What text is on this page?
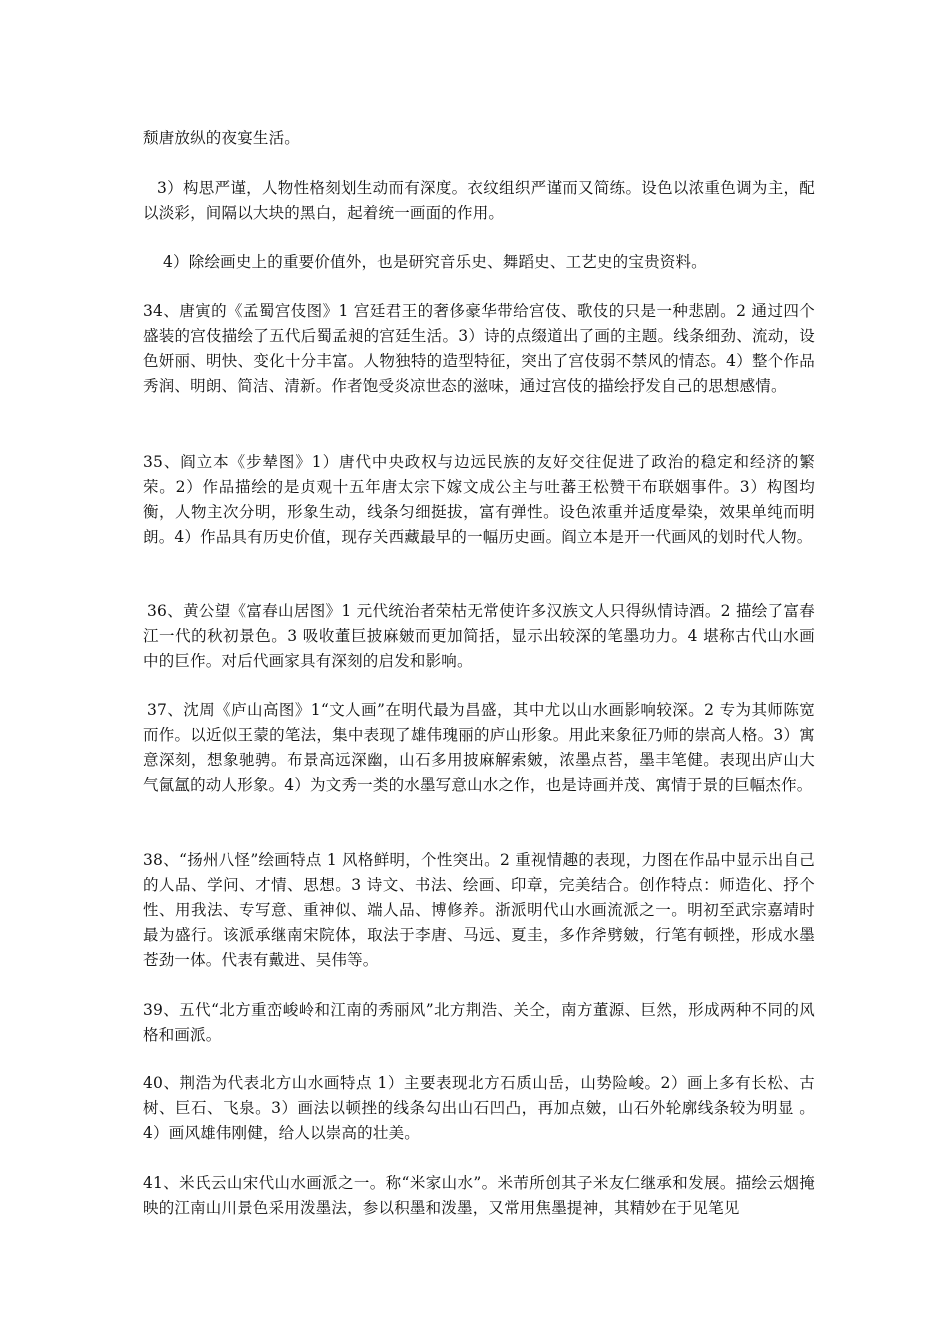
颓唐放纵的夜宴生活。

3）构思严谨，人物性格刻划生动而有深度。衣纹组织严谨而又简练。设色以浓重色调为主，配以淡彩，间隔以大块的黑白，起着统一画面的作用。

4）除绘画史上的重要价值外，也是研究音乐史、舞蹈史、工艺史的宝贵资料。

34、唐寅的《孟蜀宫伎图》1 宫廷君王的奢侈豪华带给宫伎、歌伎的只是一种悲剧。2 通过四个盛装的宫伎描绘了五代后蜀孟昶的宫廷生活。3）诗的点缀道出了画的主题。线条细劲、流动，设色妍丽、明快、变化十分丰富。人物独特的造型特征，突出了宫伎弱不禁风的情态。4）整个作品秀润、明朗、简洁、清新。作者饱受炎凉世态的滋味，通过宫伎的描绘抒发自己的思想感情。

35、阎立本《步辇图》1）唐代中央政权与边远民族的友好交往促进了政治的稳定和经济的繁荣。2）作品描绘的是贞观十五年唐太宗下嫁文成公主与吐蕃王松赞干布联姻事件。3）构图均衡，人物主次分明，形象生动，线条匀细挺拔，富有弹性。设色浓重并适度晕染，效果单纯而明朗。4）作品具有历史价值，现存关西藏最早的一幅历史画。阎立本是开一代画风的划时代人物。

36、黄公望《富春山居图》1 元代统治者荣枯无常使许多汉族文人只得纵情诗酒。2 描绘了富春江一代的秋初景色。3 吸收董巨披麻皴而更加简括，显示出较深的笔墨功力。4 堪称古代山水画中的巨作。对后代画家具有深刻的启发和影响。

37、沈周《庐山高图》1“文人画”在明代最为昌盛，其中尤以山水画影响较深。2 专为其师陈宽而作。以近似王蒙的笔法，集中表现了雄伟瑰丽的庐山形象。用此来象征乃师的崇高人格。3）寓意深刻，想象驰骋。布景高远深幽，山石多用披麻解索皴，浓墨点苔，墨丰笔健。表现出庐山大气氤氲的动人形象。4）为文秀一类的水墨写意山水之作，也是诗画并茂、寓情于景的巨幅杰作。

38、“扬州八怪”绘画特点 1 风格鲜明，个性突出。2 重视情趣的表现，力图在作品中显示出自己的人品、学问、才情、思想。3 诗文、书法、绘画、印章，完美结合。创作特点：师造化、抒个性、用我法、专写意、重神似、端人品、博修养。浙派明代山水画流派之一。明初至武宗嘉靖时最为盛行。该派承继南宋院体，取法于李唐、马远、夏圭，多作斧劈皴，行笔有顿挫，形成水墨苍劲一体。代表有戴进、吴伟等。

39、五代“北方重峦峻岭和江南的秀丽风”北方荆浩、关仝，南方董源、巨然，形成两种不同的风格和画派。

40、荆浩为代表北方山水画特点 1）主要表现北方石质山岳，山势险峻。2）画上多有长松、古树、巨石、飞泉。3）画法以顿挫的线条勾出山石凹凸，再加点皴，山石外轮廓线条较为明显 。4）画风雄伟刚健，给人以崇高的壮美。

41、米氏云山宋代山水画派之一。称“米家山水”。米芾所创其子米友仁继承和发展。描绘云烟掩映的江南山川景色采用泼墨法，参以积墨和泼墨，又常用焦墨提神，其精妙在于见笔见
